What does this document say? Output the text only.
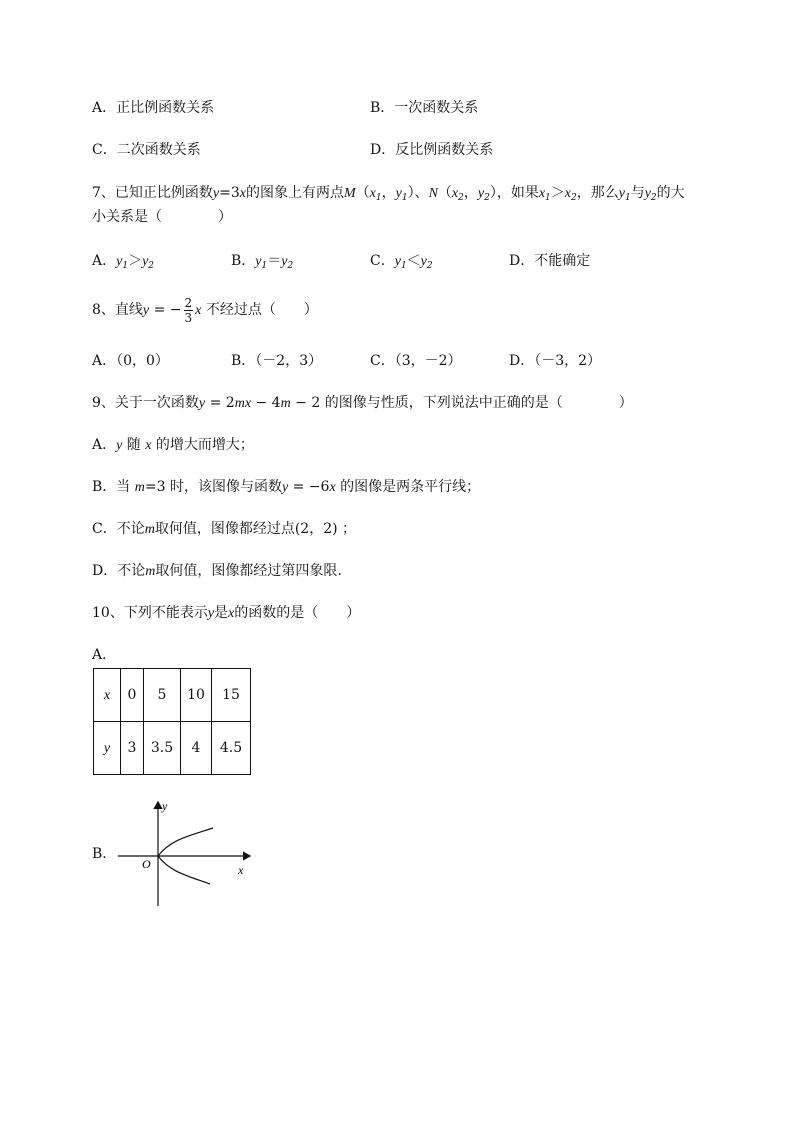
A．正比例函数关系	B．一次函数关系
C．二次函数关系	D．反比例函数关系
7、已知正比例函数y=3x的图象上有两点$M(x_1$，$y_1$）、$N(x_2$，$y_2$），如果$x_1>x_2$，那么$y_1$与$y_2$的大
小关系是（　　　　）
A．$y_1>y_2$	B．$y_1=y_2$	C．$y_1<y_2$	D．不能确定
8、直线y = − $\frac{2}{3}$ x 不经过点（　　）
A．（0，0）	B．（－2，3）	C．（3，－2）	D．（－3，2）
9、关于一次函数y = 2mx − 4m − 2 的图像与性质，下列说法中正确的是（　　　　）
A．y 随 x 的增大而增大；
B．当 m=3 时，该图像与函数y = −6x 的图像是两条平行线；
C．不论m取何值，图像都经过点(2，2) ；
D．不论m取何值，图像都经过第四象限.
10、下列不能表示y是x的函数的是（　　）
A．
x	0	5	10	15
y	3	3.5	4	4.5
B．
y
x
O
